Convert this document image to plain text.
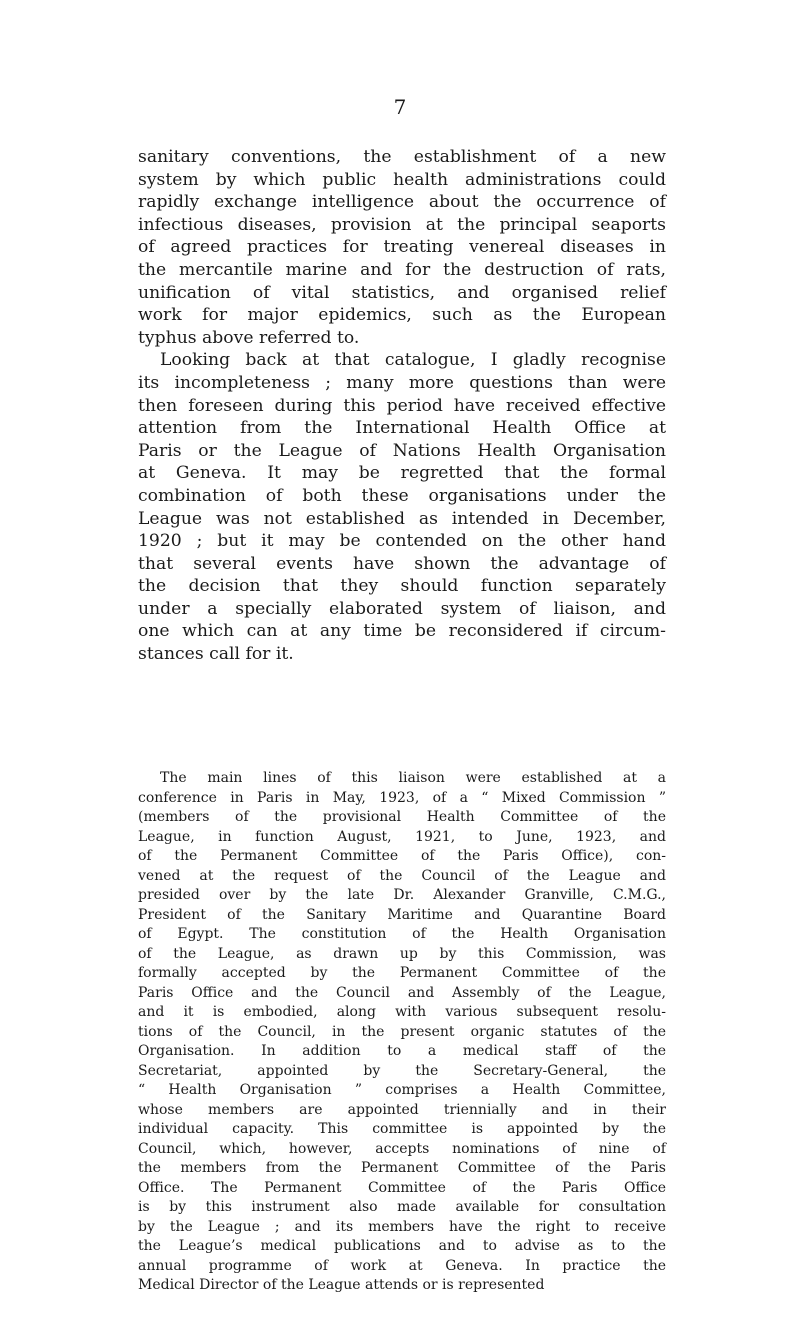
7
sanitary conventions, the establishment of a new
system by which public health administrations could
rapidly exchange intelligence about the occurrence of
infectious diseases, provision at the principal seaports
of agreed practices for treating venereal diseases in
the mercantile marine and for the destruction of rats,
unification of vital statistics, and organised relief
work for major epidemics, such as the European
typhus above referred to.
Looking back at that catalogue, I gladly recognise
its incompleteness ; many more questions than were
then foreseen during this period have received effective
attention from the International Health Office at
Paris or the League of Nations Health Organisation
at Geneva. It may be regretted that the formal
combination of both these organisations under the
League was not established as intended in December,
1920 ; but it may be contended on the other hand
that several events have shown the advantage of
the decision that they should function separately
under a specially elaborated system of liaison, and
one which can at any time be reconsidered if circum-
stances call for it.
The main lines of this liaison were established at a
conference in Paris in May, 1923, of a “ Mixed Commission ”
(members of the provisional Health Committee of the
League, in function August, 1921, to June, 1923, and
of the Permanent Committee of the Paris Office), con-
vened at the request of the Council of the League and
presided over by the late Dr. Alexander Granville, C.M.G.,
President of the Sanitary Maritime and Quarantine Board
of Egypt. The constitution of the Health Organisation
of the League, as drawn up by this Commission, was
formally accepted by the Permanent Committee of the
Paris Office and the Council and Assembly of the League,
and it is embodied, along with various subsequent resolu-
tions of the Council, in the present organic statutes of the
Organisation. In addition to a medical staff of the
Secretariat, appointed by the Secretary-General, the
“ Health Organisation ” comprises a Health Committee,
whose members are appointed triennially and in their
individual capacity. This committee is appointed by the
Council, which, however, accepts nominations of nine of
the members from the Permanent Committee of the Paris
Office. The Permanent Committee of the Paris Office
is by this instrument also made available for consultation
by the League ; and its members have the right to receive
the League’s medical publications and to advise as to the
annual programme of work at Geneva. In practice the
Medical Director of the League attends or is represented
